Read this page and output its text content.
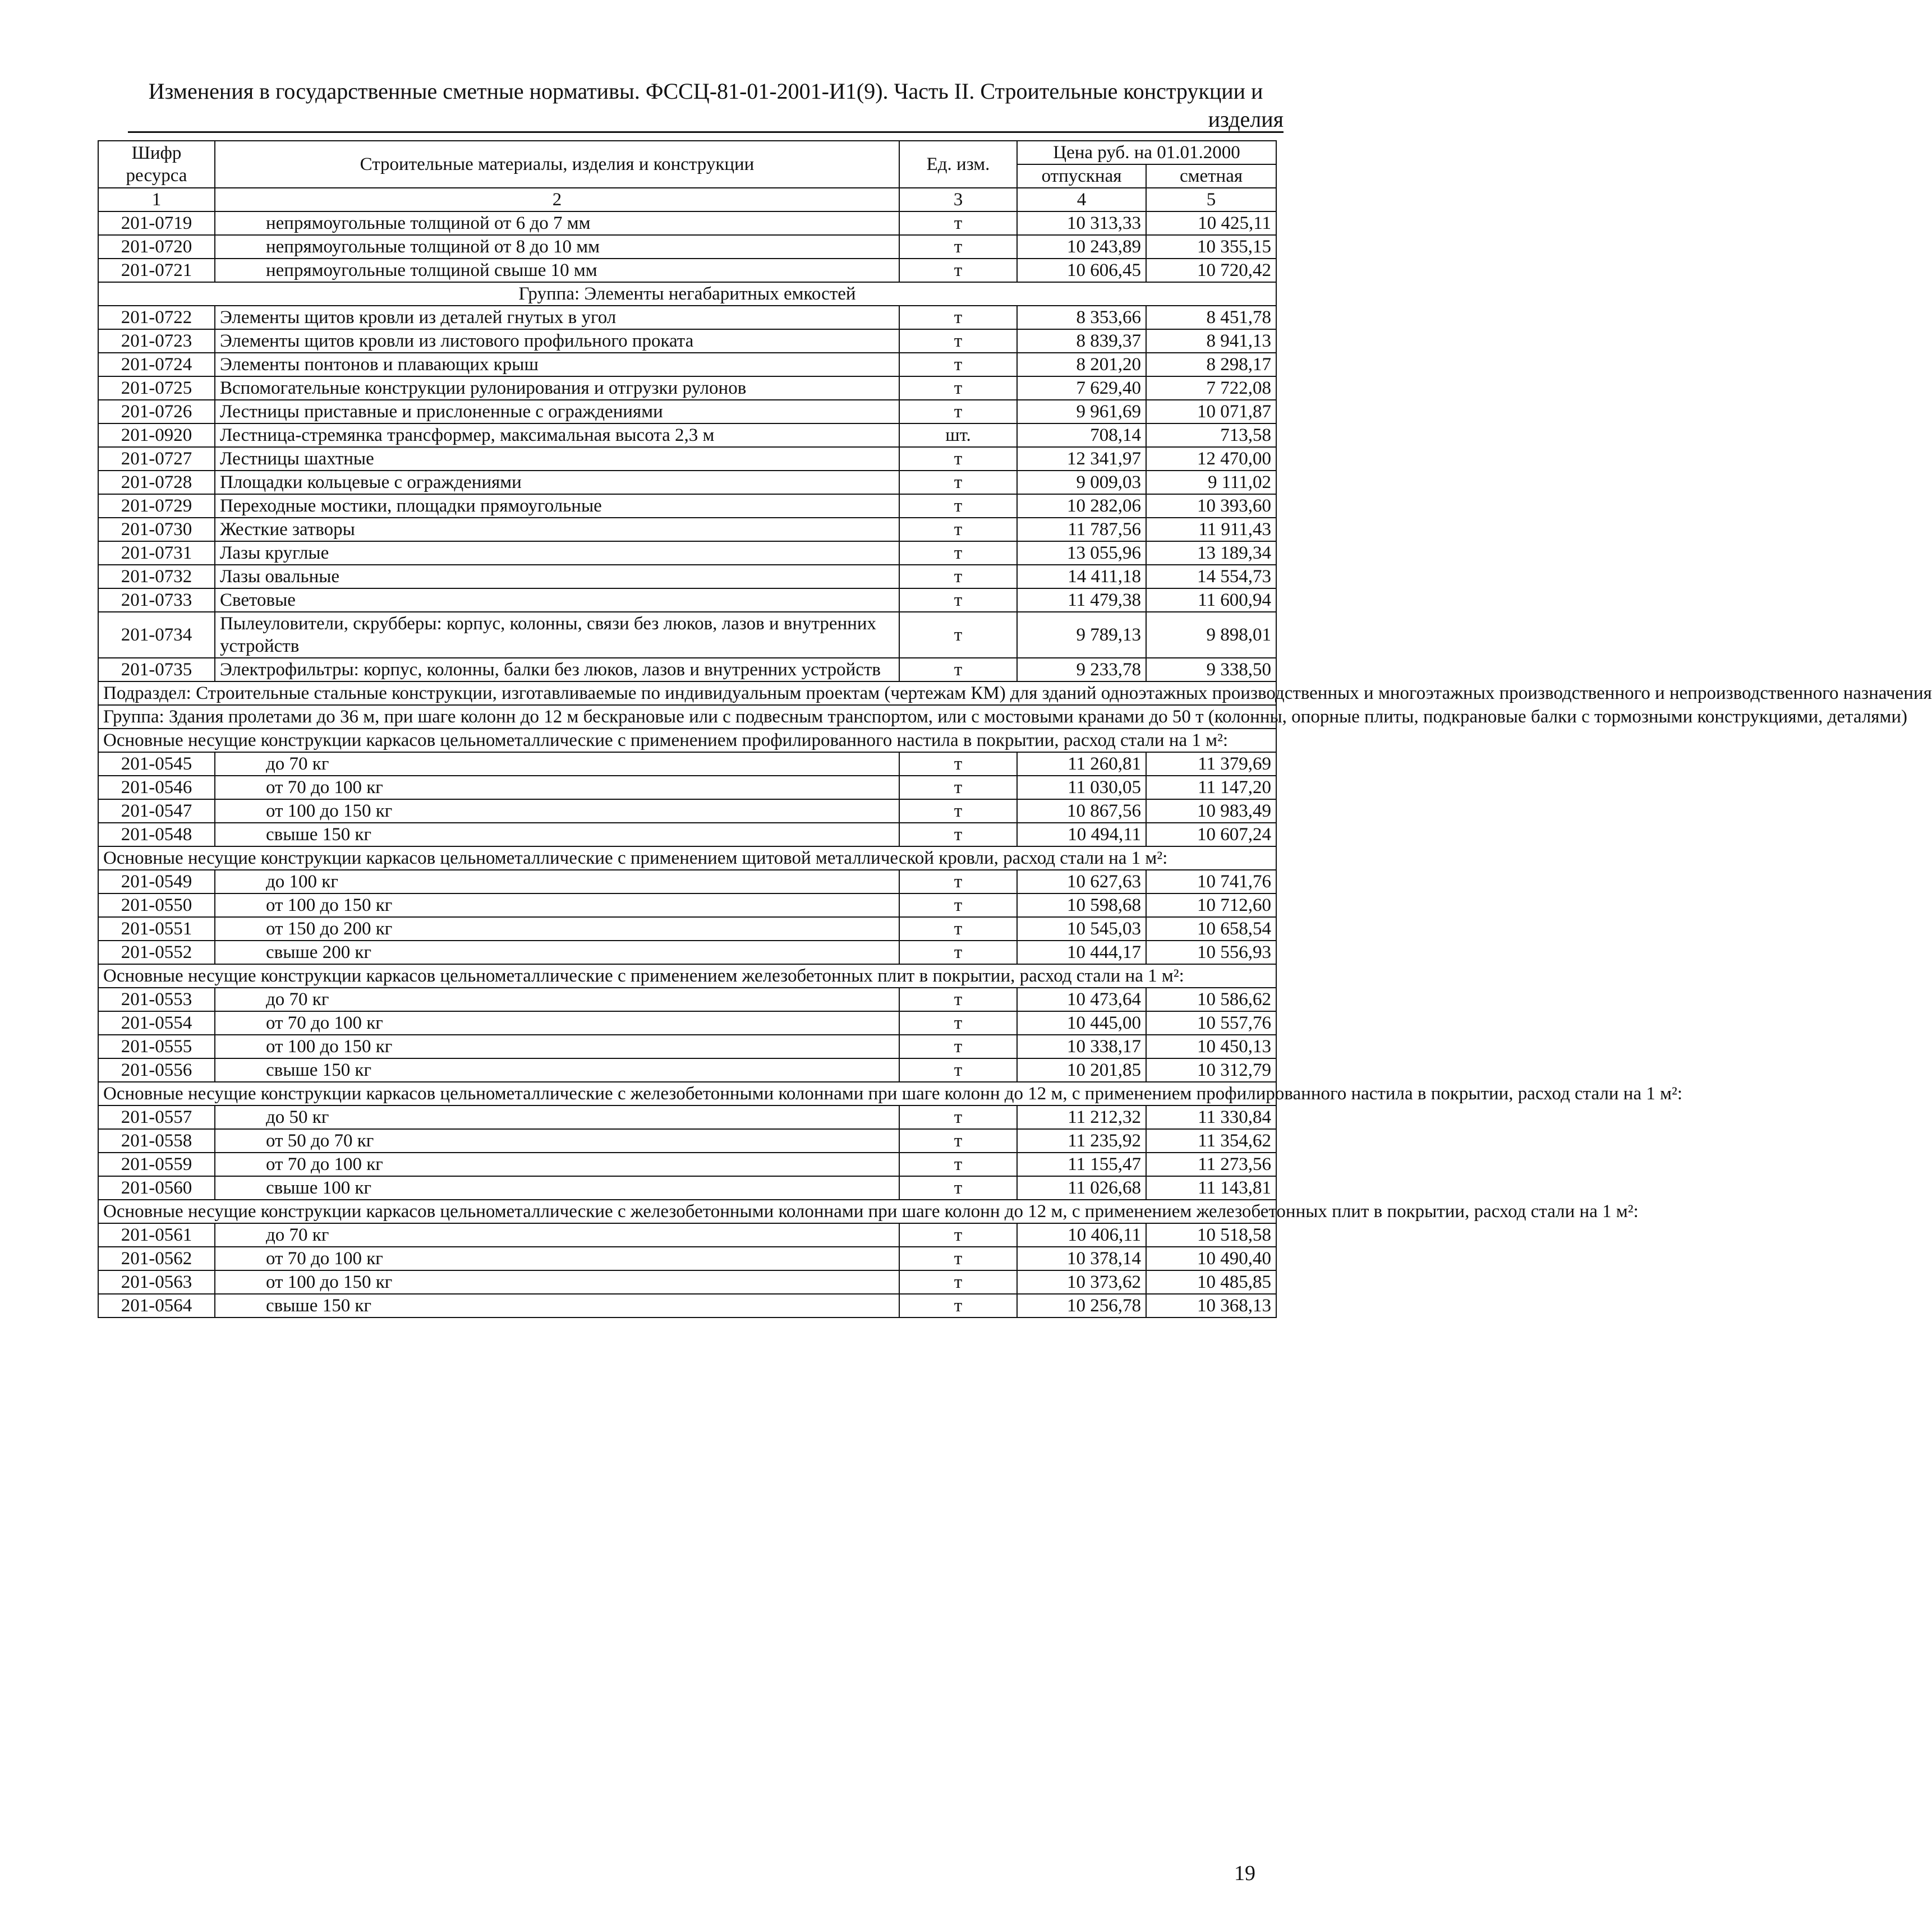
Изменения в государственные сметные нормативы. ФССЦ-81-01-2001-И1(9). Часть II. Строительные конструкции и
изделия
Шифр ресурса	Строительные материалы, изделия и конструкции	Ед. изм.	Цена руб. на 01.01.2000	
			отпускная	сметная
1	2	3	4	5
201-0719	непрямоугольные толщиной от 6 до 7 мм	т	10 313,33	10 425,11
201-0720	непрямоугольные толщиной от 8 до 10 мм	т	10 243,89	10 355,15
201-0721	непрямоугольные толщиной свыше 10 мм	т	10 606,45	10 720,42
Группа: Элементы негабаритных емкостей				
201-0722	Элементы щитов кровли из деталей гнутых в угол	т	8 353,66	8 451,78
201-0723	Элементы щитов кровли из листового профильного проката	т	8 839,37	8 941,13
201-0724	Элементы понтонов и плавающих крыш	т	8 201,20	8 298,17
201-0725	Вспомогательные конструкции рулонирования и отгрузки рулонов	т	7 629,40	7 722,08
201-0726	Лестницы приставные и прислоненные с ограждениями	т	9 961,69	10 071,87
201-0920	Лестница-стремянка трансформер, максимальная высота 2,3 м	шт.	708,14	713,58
201-0727	Лестницы шахтные	т	12 341,97	12 470,00
201-0728	Площадки кольцевые с ограждениями	т	9 009,03	9 111,02
201-0729	Переходные мостики, площадки прямоугольные	т	10 282,06	10 393,60
201-0730	Жесткие затворы	т	11 787,56	11 911,43
201-0731	Лазы круглые	т	13 055,96	13 189,34
201-0732	Лазы овальные	т	14 411,18	14 554,73
201-0733	Световые	т	11 479,38	11 600,94
201-0734	Пылеуловители, скрубберы: корпус, колонны, связи без люков, лазов и внутренних устройств	т	9 789,13	9 898,01
201-0735	Электрофильтры: корпус, колонны, балки без люков, лазов и внутренних устройств	т	9 233,78	9 338,50
Подраздел: Строительные стальные конструкции, изготавливаемые по индивидуальным проектам (чертежам КМ) для зданий одноэтажных производственных и многоэтажных производственного и непроизводственного назначения				
Группа: Здания пролетами до 36 м, при шаге колонн до 12 м бескрановые или с подвесным транспортом, или с мостовыми кранами до 50 т (колонны, опорные плиты, подкрановые балки с тормозными конструкциями, деталями)				
Основные несущие конструкции каркасов цельнометаллические с применением профилированного настила в покрытии, расход стали на 1 м²:				
201-0545	до 70 кг	т	11 260,81	11 379,69
201-0546	от 70 до 100 кг	т	11 030,05	11 147,20
201-0547	от 100 до 150 кг	т	10 867,56	10 983,49
201-0548	свыше 150 кг	т	10 494,11	10 607,24
Основные несущие конструкции каркасов цельнометаллические с применением щитовой металлической кровли, расход стали на 1 м²:				
201-0549	до 100 кг	т	10 627,63	10 741,76
201-0550	от 100 до 150 кг	т	10 598,68	10 712,60
201-0551	от 150 до 200 кг	т	10 545,03	10 658,54
201-0552	свыше 200 кг	т	10 444,17	10 556,93
Основные несущие конструкции каркасов цельнометаллические с применением железобетонных плит в покрытии, расход стали на 1 м²:				
201-0553	до 70 кг	т	10 473,64	10 586,62
201-0554	от 70 до 100 кг	т	10 445,00	10 557,76
201-0555	от 100 до 150 кг	т	10 338,17	10 450,13
201-0556	свыше 150 кг	т	10 201,85	10 312,79
Основные несущие конструкции каркасов цельнометаллические с железобетонными колоннами при шаге колонн до 12 м, с применением профилированного настила в покрытии, расход стали на 1 м²:				
201-0557	до 50 кг	т	11 212,32	11 330,84
201-0558	от 50 до 70 кг	т	11 235,92	11 354,62
201-0559	от 70 до 100 кг	т	11 155,47	11 273,56
201-0560	свыше 100 кг	т	11 026,68	11 143,81
Основные несущие конструкции каркасов цельнометаллические с железобетонными колоннами при шаге колонн до 12 м, с применением железобетонных плит в покрытии, расход стали на 1 м²:				
201-0561	до 70 кг	т	10 406,11	10 518,58
201-0562	от 70 до 100 кг	т	10 378,14	10 490,40
201-0563	от 100 до 150 кг	т	10 373,62	10 485,85
201-0564	свыше 150 кг	т	10 256,78	10 368,13
19
